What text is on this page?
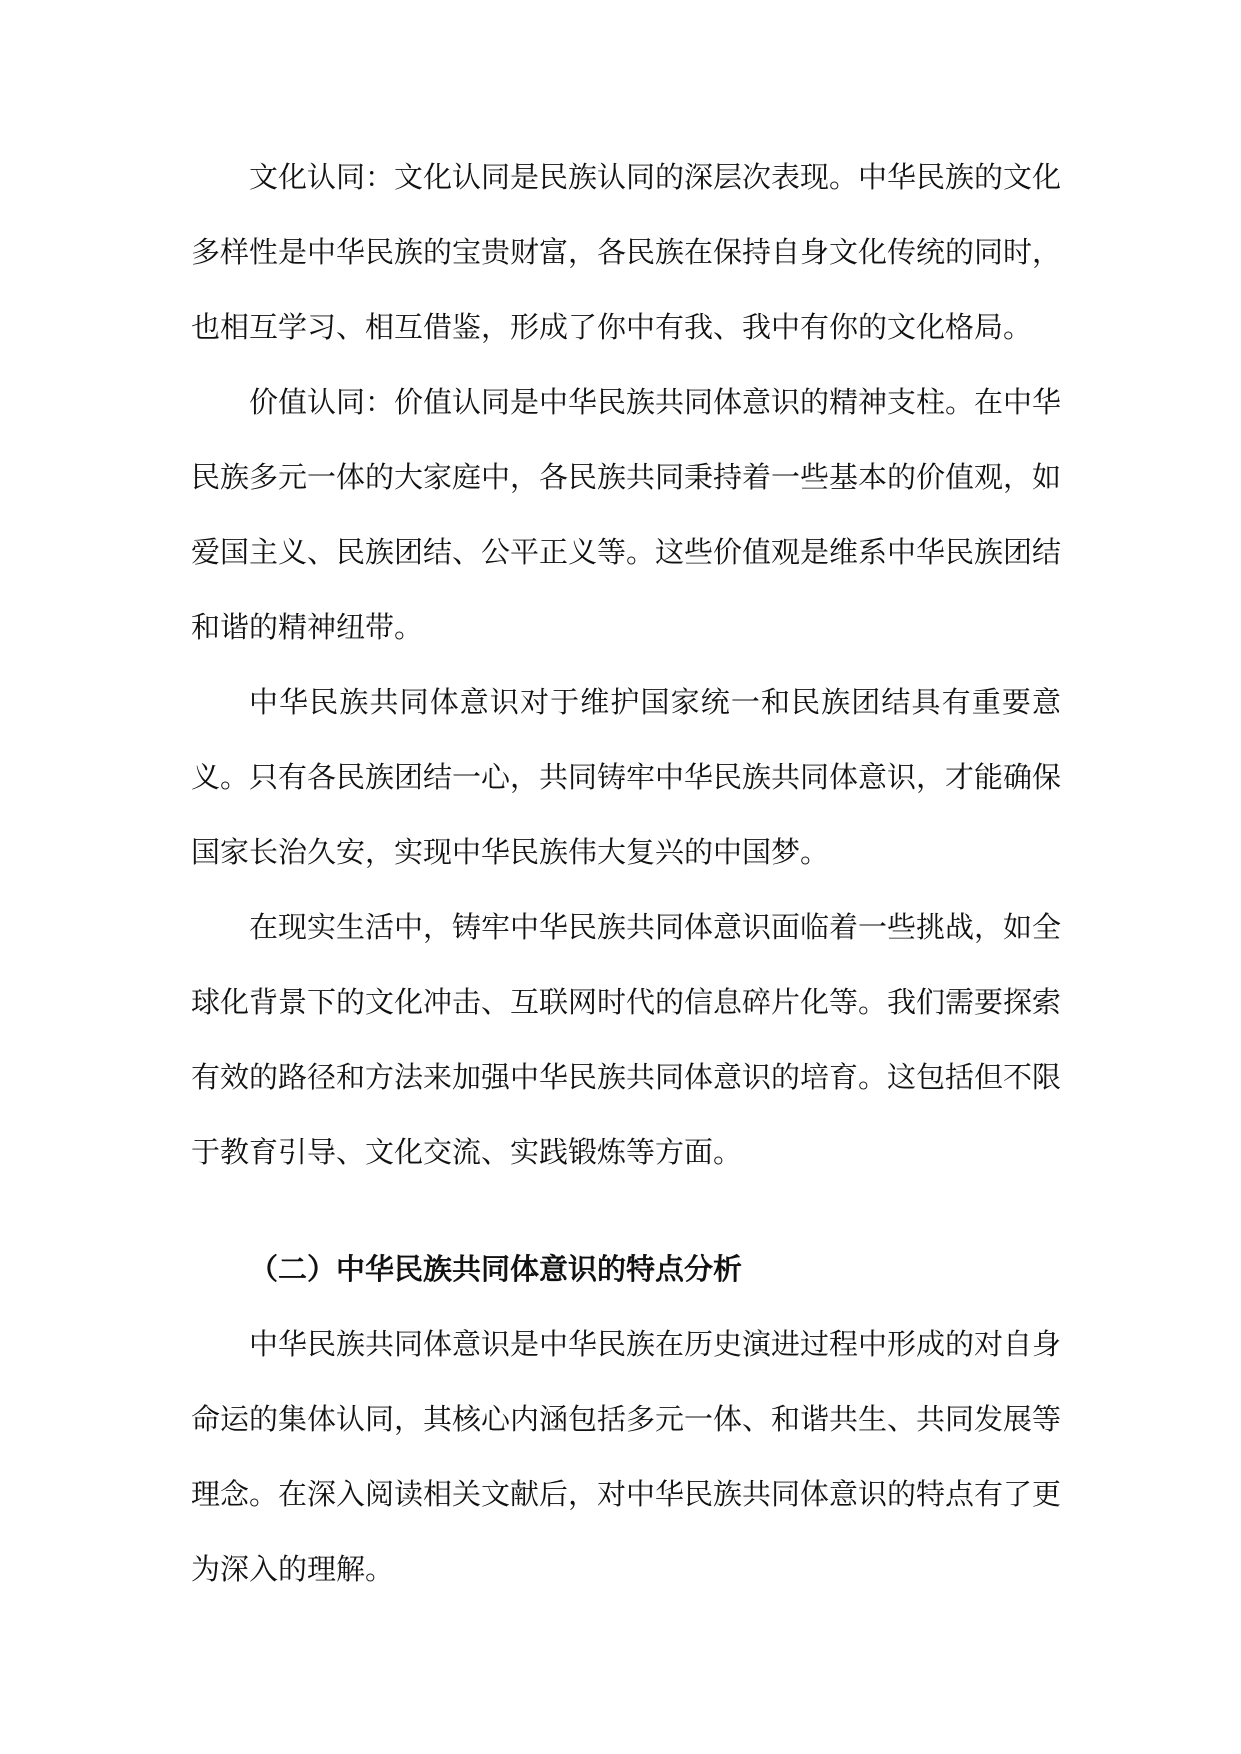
文化认同：文化认同是民族认同的深层次表现。中华民族的文化多样性是中华民族的宝贵财富，各民族在保持自身文化传统的同时，也相互学习、相互借鉴，形成了你中有我、我中有你的文化格局。

价值认同：价值认同是中华民族共同体意识的精神支柱。在中华民族多元一体的大家庭中，各民族共同秉持着一些基本的价值观，如爱国主义、民族团结、公平正义等。这些价值观是维系中华民族团结和谐的精神纽带。

中华民族共同体意识对于维护国家统一和民族团结具有重要意义。只有各民族团结一心，共同铸牢中华民族共同体意识，才能确保国家长治久安，实现中华民族伟大复兴的中国梦。

在现实生活中，铸牢中华民族共同体意识面临着一些挑战，如全球化背景下的文化冲击、互联网时代的信息碎片化等。我们需要探索有效的路径和方法来加强中华民族共同体意识的培育。这包括但不限于教育引导、文化交流、实践锻炼等方面。

（二）中华民族共同体意识的特点分析

中华民族共同体意识是中华民族在历史演进过程中形成的对自身命运的集体认同，其核心内涵包括多元一体、和谐共生、共同发展等理念。在深入阅读相关文献后，对中华民族共同体意识的特点有了更为深入的理解。
